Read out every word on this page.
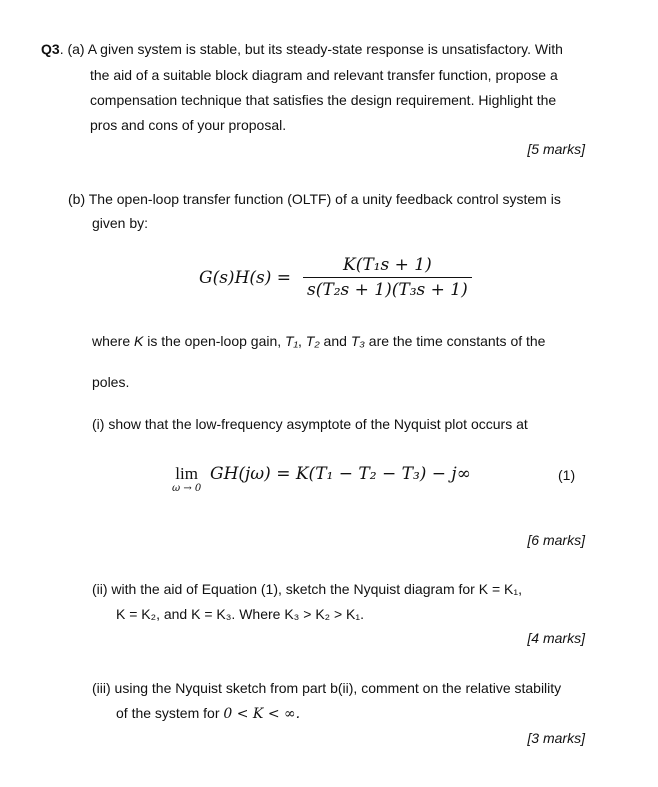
Q3. (a) A given system is stable, but its steady-state response is unsatisfactory. With
the aid of a suitable block diagram and relevant transfer function, propose a
compensation technique that satisfies the design requirement. Highlight the
pros and cons of your proposal.
[5 marks]
(b) The open-loop transfer function (OLTF) of a unity feedback control system is
given by:
G(s)H(s) =
K(T₁s + 1)
s(T₂s + 1)(T₃s + 1)
where K is the open-loop gain, T₁, T₂ and T₃ are the time constants of the
poles.
(i) show that the low-frequency asymptote of the Nyquist plot occurs at
lim
ω → 0
GH(jω) = K(T₁ − T₂ − T₃) − j∞	(1)
[6 marks]
(ii) with the aid of Equation (1), sketch the Nyquist diagram for K = K₁,
K = K₂, and K = K₃. Where K₃ > K₂ > K₁.
[4 marks]
(iii) using the Nyquist sketch from part b(ii), comment on the relative stability
of the system for 0 < K < ∞.
[3 marks]
